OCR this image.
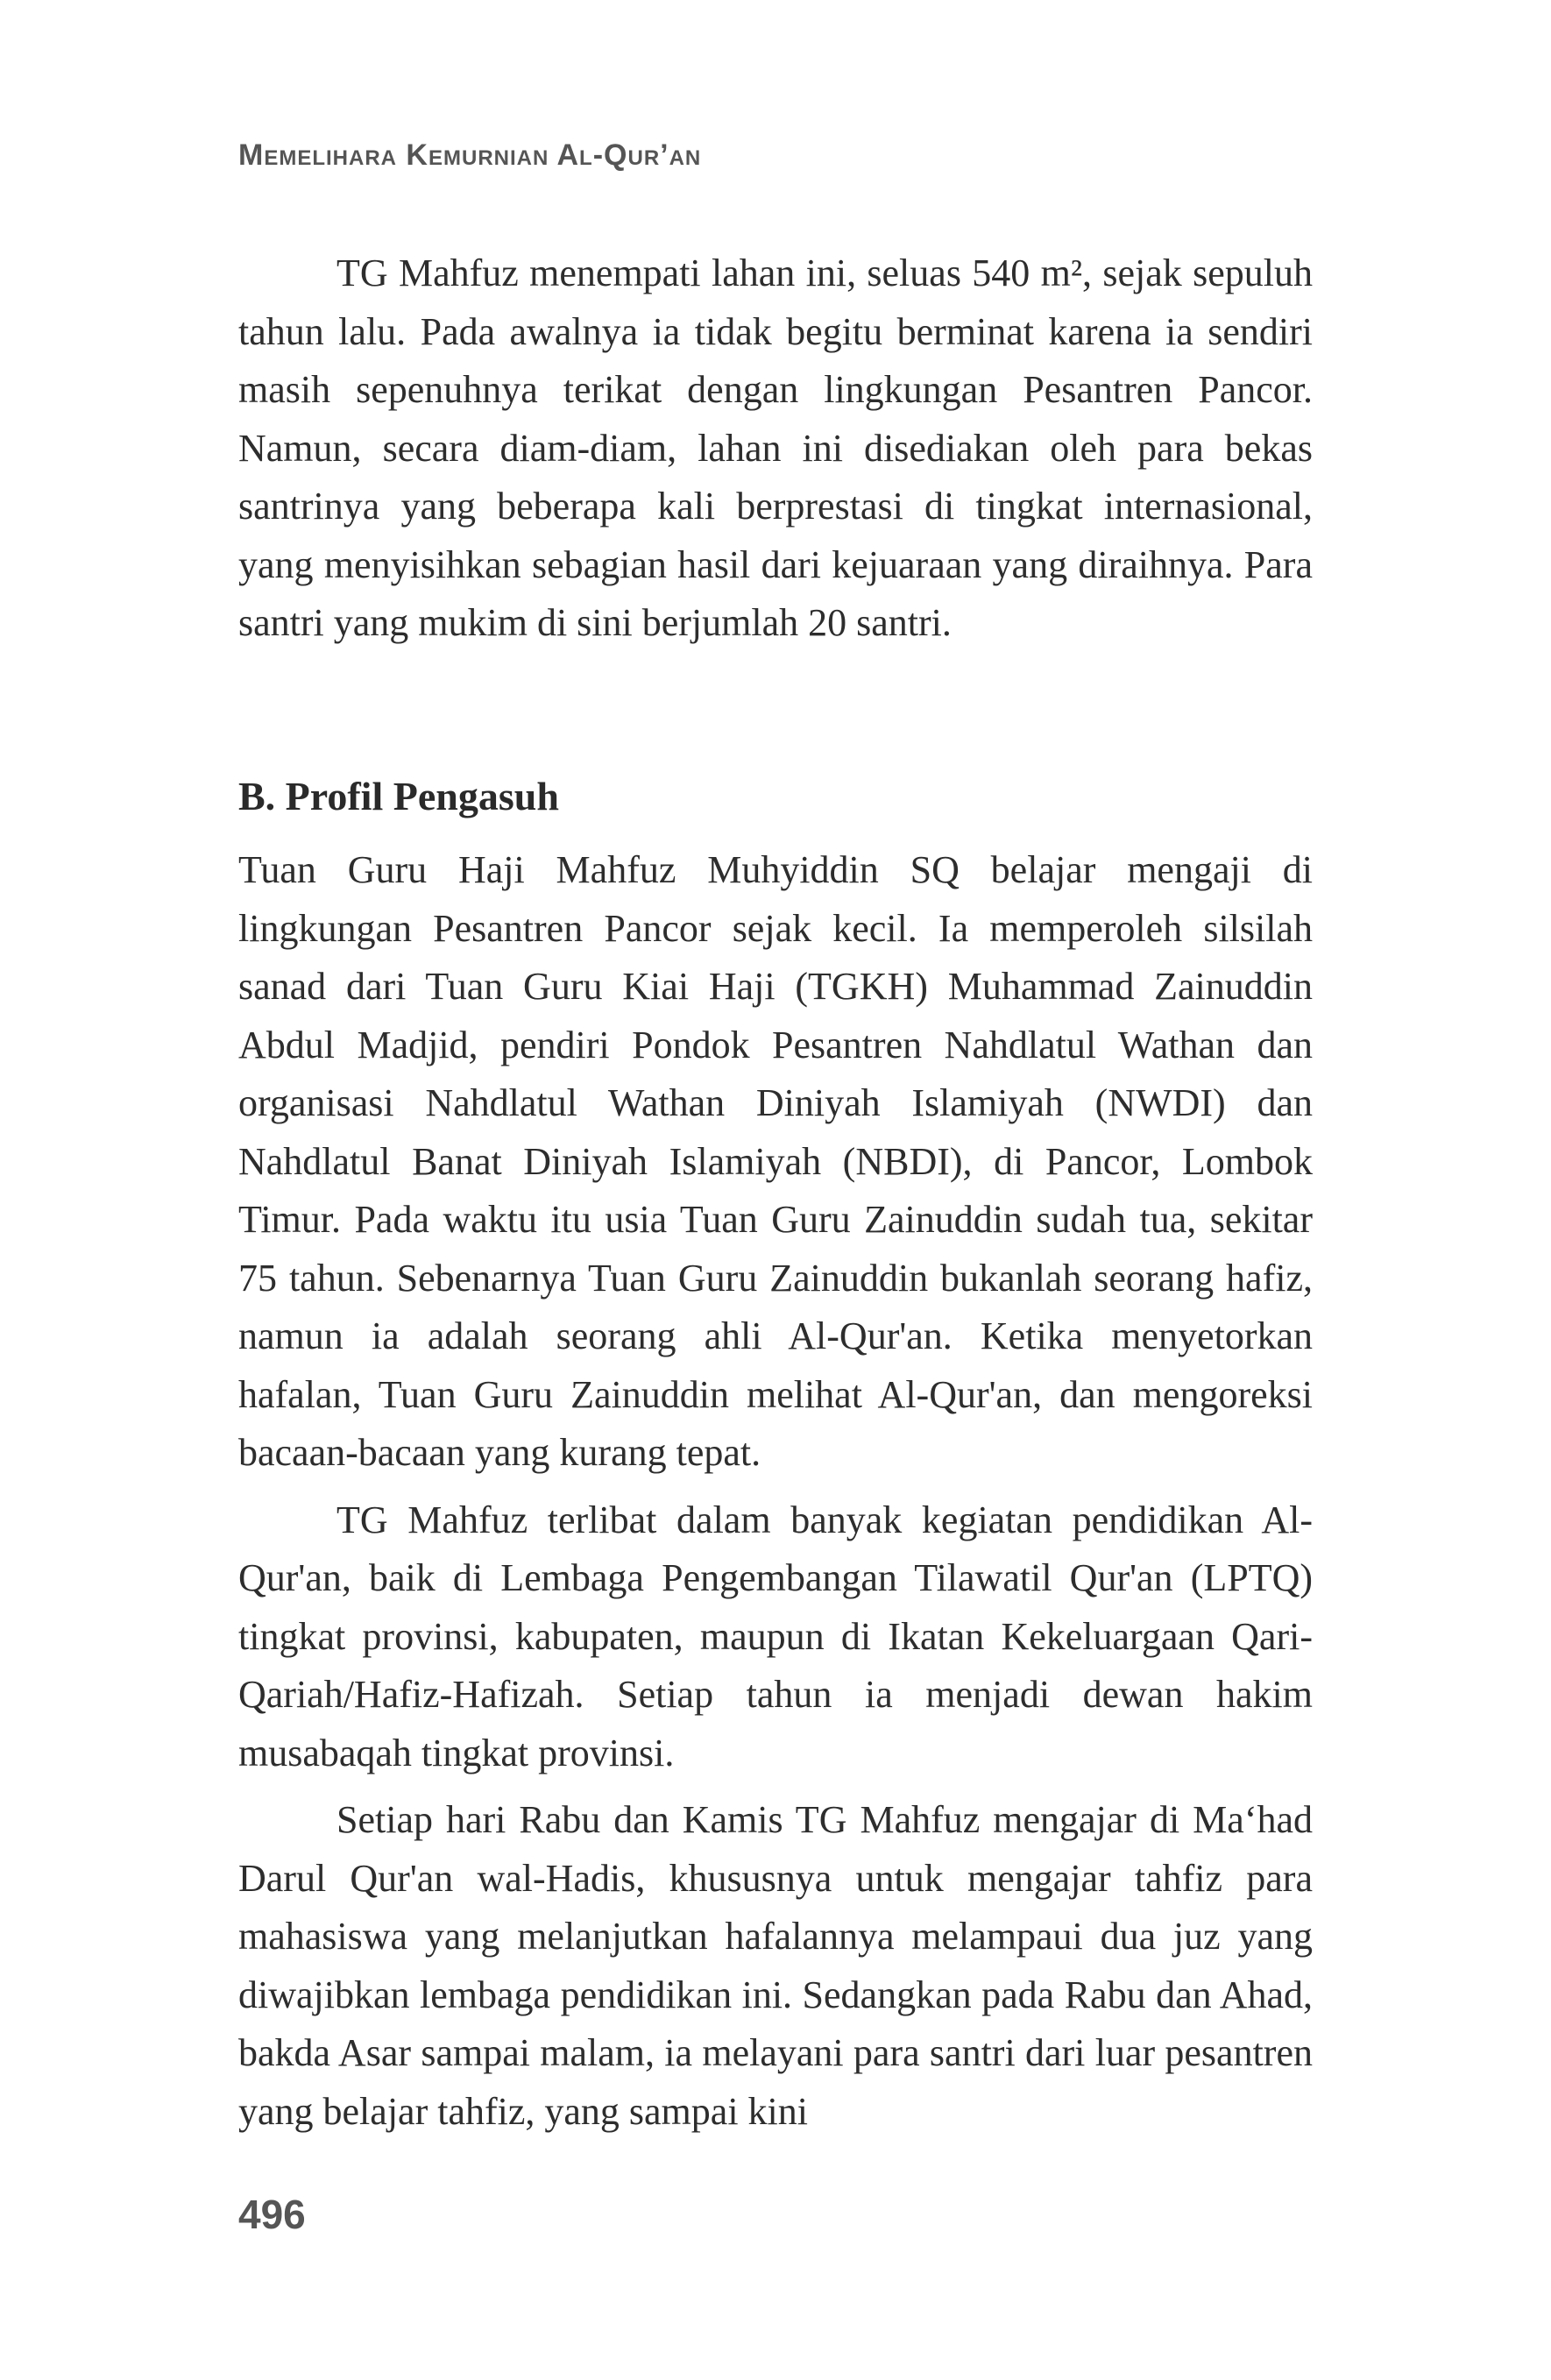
Memelihara Kemurnian Al-Qur’an

TG Mahfuz menempati lahan ini, seluas 540 m², sejak sepuluh tahun lalu. Pada awalnya ia tidak begitu berminat karena ia sendiri masih sepenuhnya terikat dengan lingkungan Pesantren Pancor. Namun, secara diam-diam, lahan ini disediakan oleh para bekas santrinya yang beberapa kali berprestasi di tingkat internasional, yang menyisihkan sebagian hasil dari kejuaraan yang diraihnya. Para santri yang mukim di sini berjumlah 20 santri.

B. Profil Pengasuh

Tuan Guru Haji Mahfuz Muhyiddin SQ belajar mengaji di lingkungan Pesantren Pancor sejak kecil. Ia memperoleh silsilah sanad dari Tuan Guru Kiai Haji (TGKH) Muhammad Zainuddin Abdul Madjid, pendiri Pondok Pesantren Nahdlatul Wathan dan organisasi Nahdlatul Wathan Diniyah Islamiyah (NWDI) dan Nahdlatul Banat Diniyah Islamiyah (NBDI), di Pancor, Lombok Timur. Pada waktu itu usia Tuan Guru Zainuddin sudah tua, sekitar 75 tahun. Sebenarnya Tuan Guru Zainuddin bukanlah seorang hafiz, namun ia adalah seorang ahli Al-Qur'an. Ketika menyetorkan hafalan, Tuan Guru Zainuddin melihat Al-Qur'an, dan mengoreksi bacaan-bacaan yang kurang tepat.

TG Mahfuz terlibat dalam banyak kegiatan pendidikan Al-Qur'an, baik di Lembaga Pengembangan Tilawatil Qur'an (LPTQ) tingkat provinsi, kabupaten, maupun di Ikatan Kekeluargaan Qari-Qariah/Hafiz-Hafizah. Setiap tahun ia menjadi dewan hakim musabaqah tingkat provinsi.

Setiap hari Rabu dan Kamis TG Mahfuz mengajar di Ma‘had Darul Qur'an wal-Hadis, khususnya untuk mengajar tahfiz para mahasiswa yang melanjutkan hafalannya melampaui dua juz yang diwajibkan lembaga pendidikan ini. Sedangkan pada Rabu dan Ahad, bakda Asar sampai malam, ia melayani para santri dari luar pesantren yang belajar tahfiz, yang sampai kini

496
